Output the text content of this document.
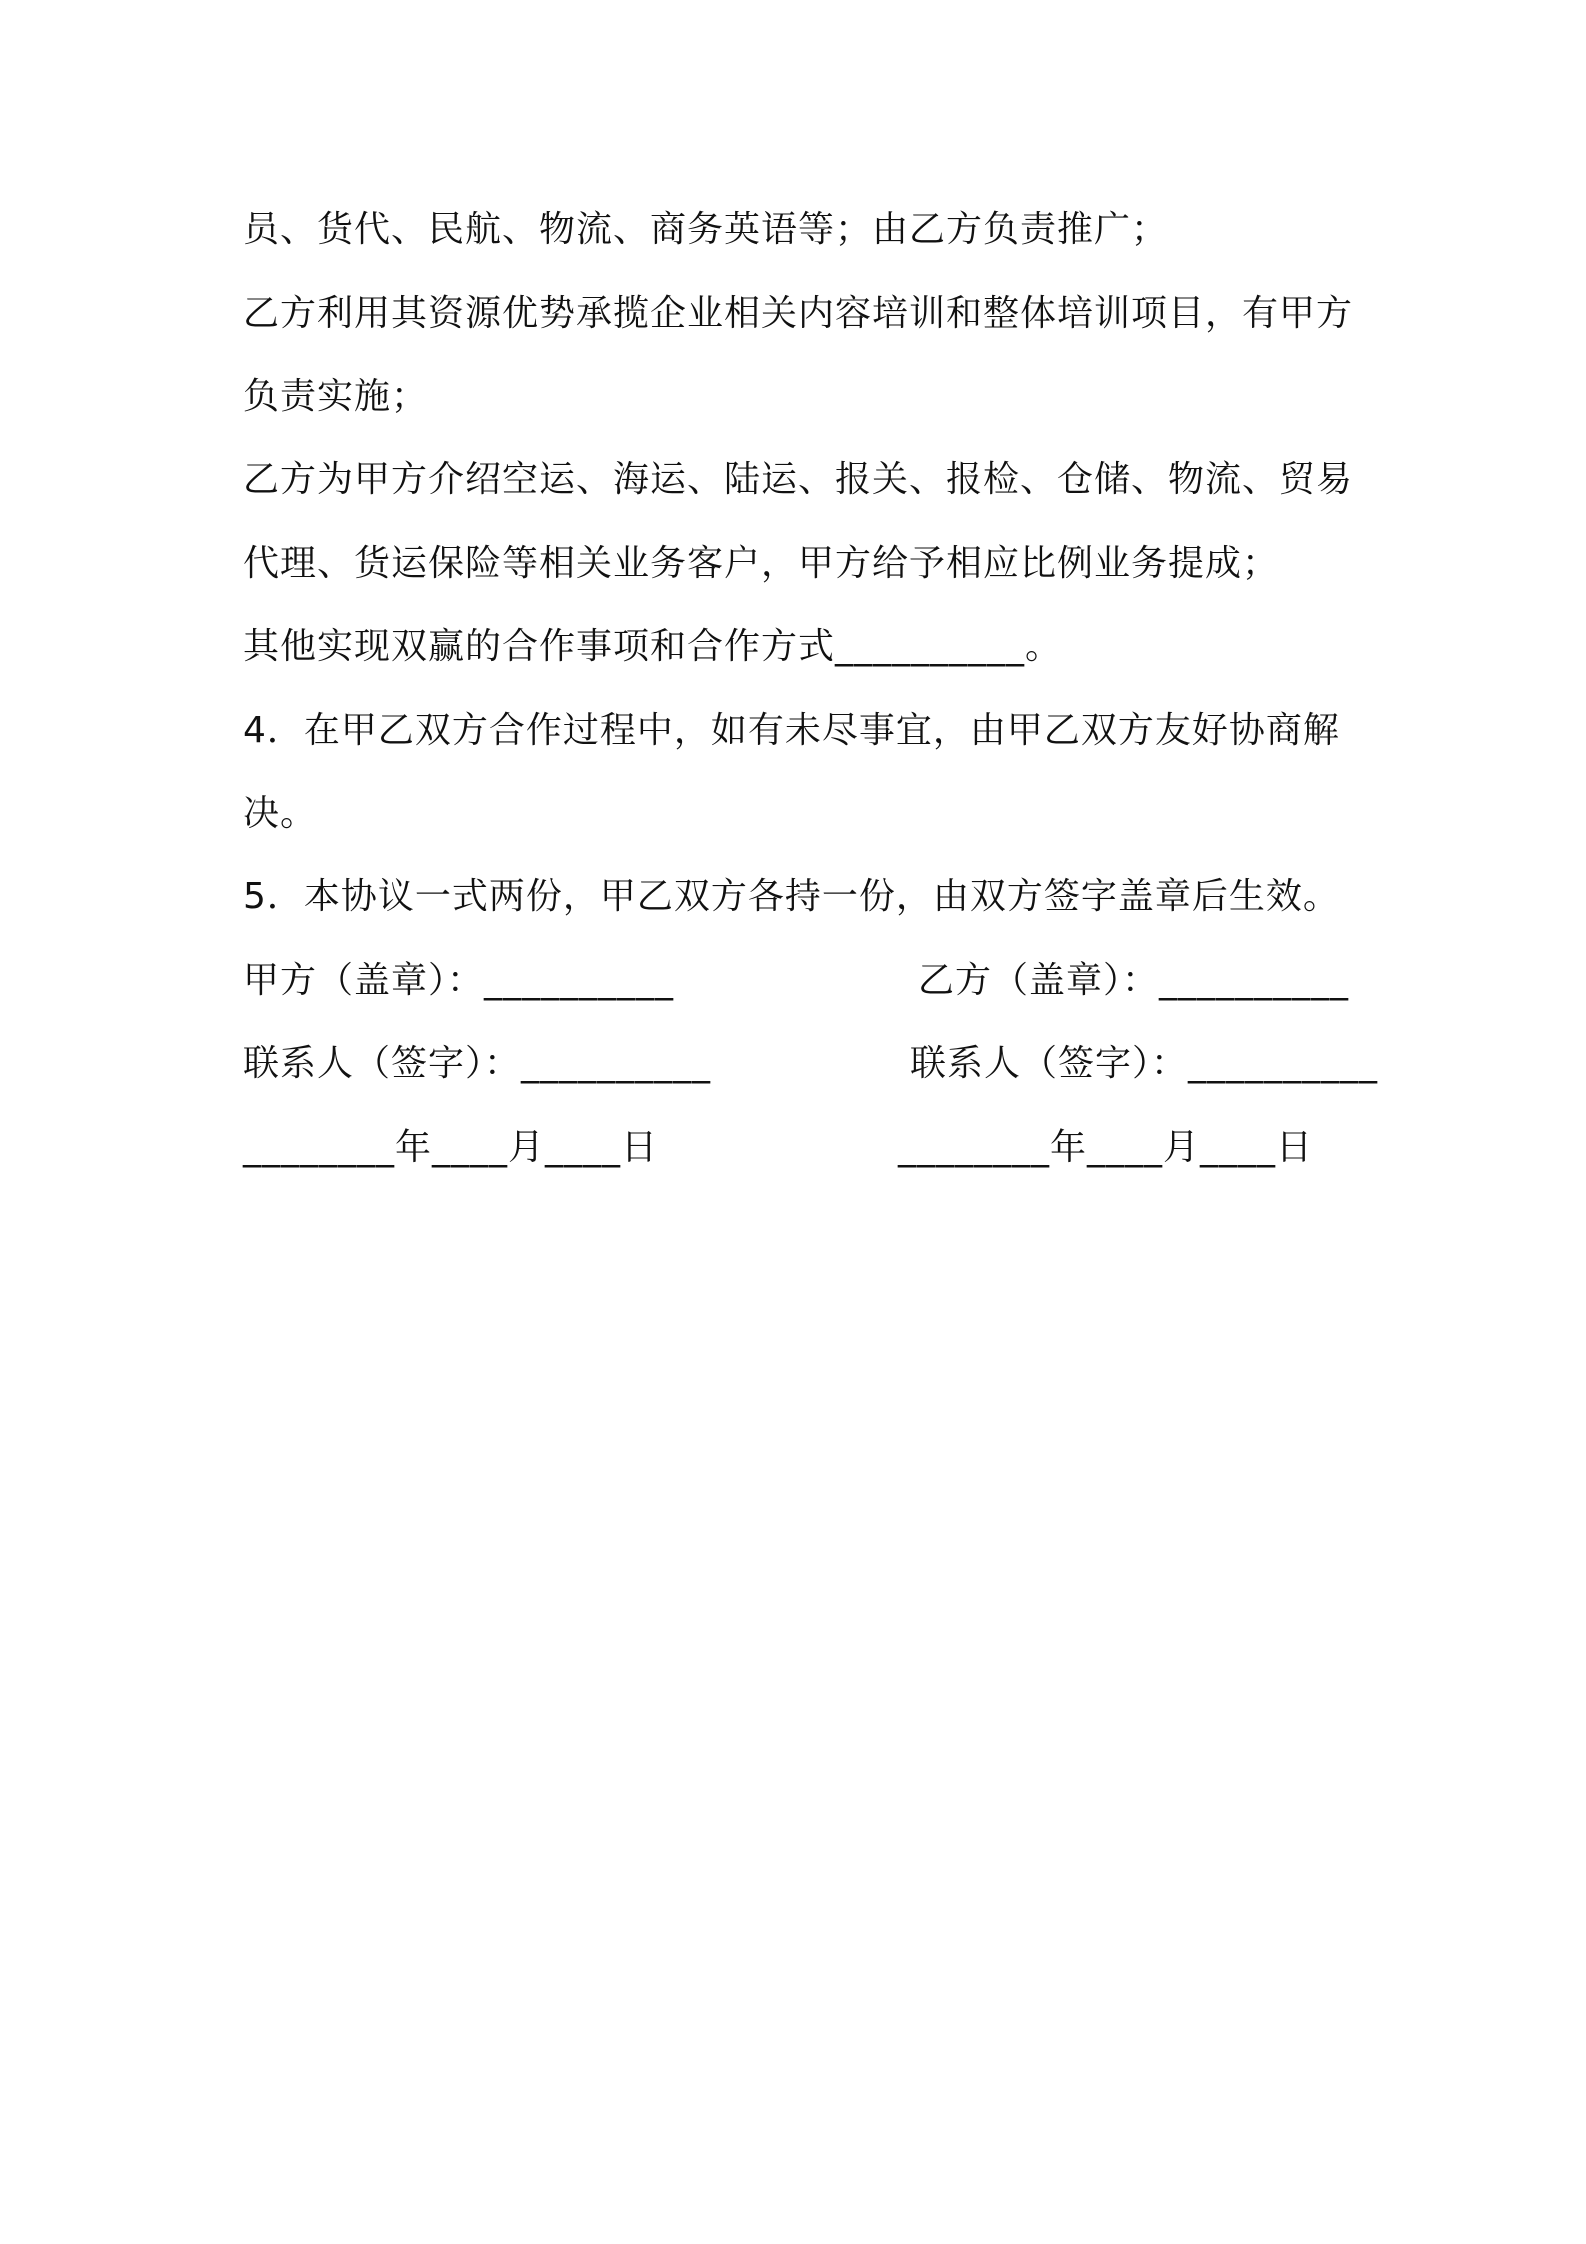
员、货代、民航、物流、商务英语等；由乙方负责推广；
乙方利用其资源优势承揽企业相关内容培训和整体培训项目，有甲方
负责实施；
乙方为甲方介绍空运、海运、陆运、报关、报检、仓储、物流、贸易
代理、货运保险等相关业务客户，甲方给予相应比例业务提成；
其他实现双赢的合作事项和合作方式__________。
4．在甲乙双方合作过程中，如有未尽事宜，由甲乙双方友好协商解
决。
5．本协议一式两份，甲乙双方各持一份，由双方签字盖章后生效。
甲方（盖章）：__________	乙方（盖章）：__________
联系人（签字）：__________	联系人（签字）：__________
________年____月____日	________年____月____日
